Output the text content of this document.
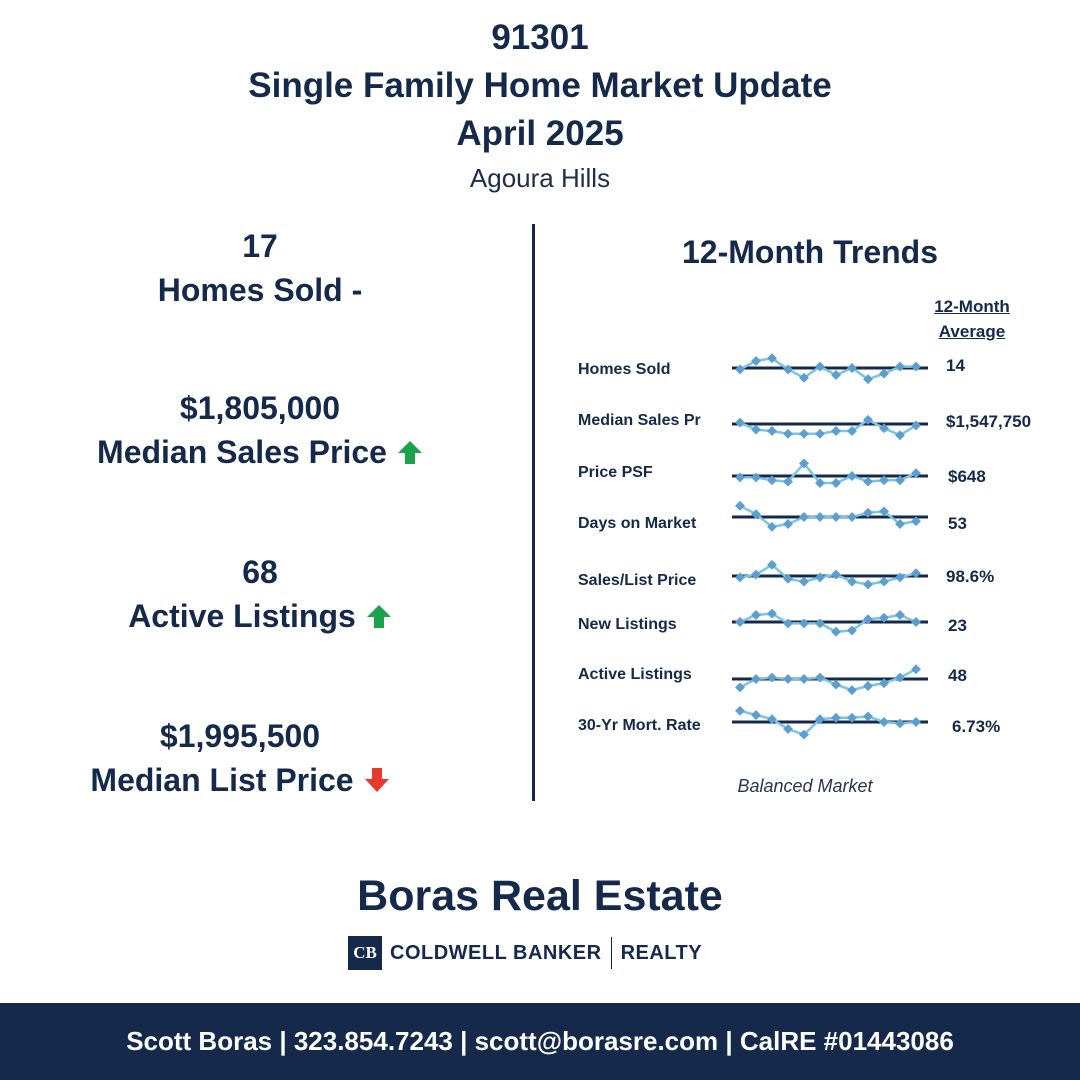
91301
Single Family Home Market Update
April 2025
Agoura Hills
17
Homes Sold -
$1,805,000
Median Sales Price
68
Active Listings
$1,995,500
Median List Price
12-Month Trends
12-Month
Average
Homes Sold	14
Median Sales Pr	$1,547,750
Price PSF	$648
Days on Market	53
Sales/List Price	98.6%
New Listings	23
Active Listings	48
30-Yr Mort. Rate	6.73%
Balanced Market
Boras Real Estate
CB COLDWELL BANKER REALTY
Scott Boras | 323.854.7243 | scott@borasre.com | CalRE #01443086
